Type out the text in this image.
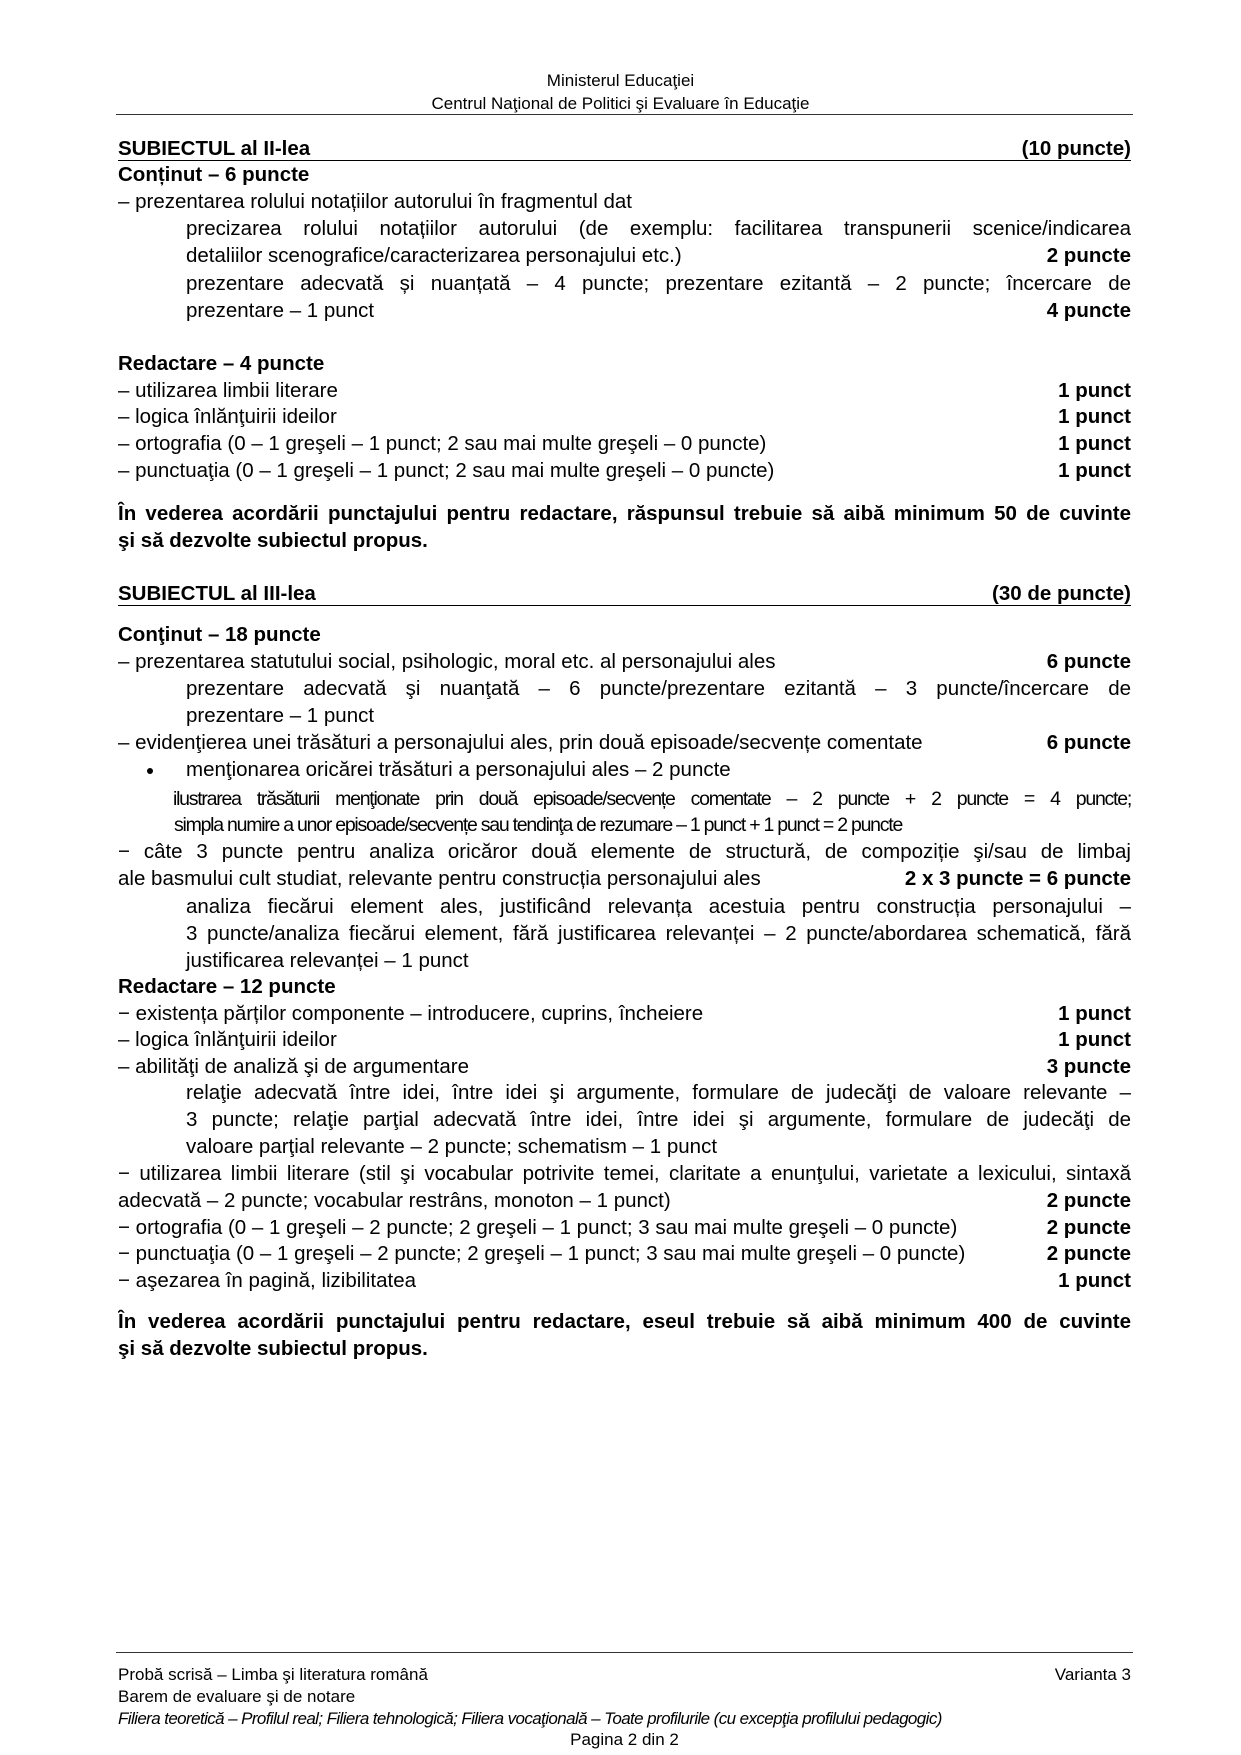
Ministerul Educaţiei
Centrul Naţional de Politici şi Evaluare în Educaţie
SUBIECTUL al II-lea	(10 puncte)
Conținut – 6 puncte
– prezentarea rolului notațiilor autorului în fragmentul dat
precizarea rolului notațiilor autorului (de exemplu: facilitarea transpunerii scenice/indicarea
detaliilor scenografice/caracterizarea personajului etc.)	2 puncte
prezentare adecvată și nuanțată – 4 puncte; prezentare ezitantă – 2 puncte; încercare de
prezentare – 1 punct	4 puncte
Redactare – 4 puncte
– utilizarea limbii literare	1 punct
– logica înlănţuirii ideilor	1 punct
– ortografia (0 – 1 greşeli – 1 punct; 2 sau mai multe greşeli – 0 puncte)	1 punct
– punctuaţia (0 – 1 greşeli – 1 punct; 2 sau mai multe greşeli – 0 puncte)	1 punct
În vederea acordării punctajului pentru redactare, răspunsul trebuie să aibă minimum 50 de cuvinte
şi să dezvolte subiectul propus.
SUBIECTUL al III-lea	(30 de puncte)
Conţinut – 18 puncte
– prezentarea statutului social, psihologic, moral etc. al personajului ales	6 puncte
prezentare adecvată şi nuanţată – 6 puncte/prezentare ezitantă – 3 puncte/încercare de
prezentare – 1 punct
– evidenţierea unei trăsături a personajului ales, prin două episoade/secvențe comentate	6 puncte
menţionarea oricărei trăsături a personajului ales – 2 puncte
ilustrarea trăsăturii menţionate prin două episoade/secvențe comentate – 2 puncte + 2 puncte = 4 puncte;
simpla numire a unor episoade/secvențe sau tendinţa de rezumare – 1 punct + 1 punct = 2 puncte
− câte 3 puncte pentru analiza oricăror două elemente de structură, de compoziție şi/sau de limbaj
ale basmului cult studiat, relevante pentru construcția personajului ales	2 x 3 puncte = 6 puncte
analiza fiecărui element ales, justificând relevanța acestuia pentru construcția personajului –
3 puncte/analiza fiecărui element, fără justificarea relevanței – 2 puncte/abordarea schematică, fără
justificarea relevanței – 1 punct
Redactare – 12 puncte
− existența părților componente – introducere, cuprins, încheiere	1 punct
– logica înlănţuirii ideilor	1 punct
– abilităţi de analiză şi de argumentare	3 puncte
relaţie adecvată între idei, între idei şi argumente, formulare de judecăţi de valoare relevante –
3 puncte; relaţie parţial adecvată între idei, între idei şi argumente, formulare de judecăţi de
valoare parţial relevante – 2 puncte; schematism – 1 punct
− utilizarea limbii literare (stil şi vocabular potrivite temei, claritate a enunţului, varietate a lexicului, sintaxă
adecvată – 2 puncte; vocabular restrâns, monoton – 1 punct)	2 puncte
− ortografia (0 – 1 greşeli – 2 puncte; 2 greşeli – 1 punct; 3 sau mai multe greşeli – 0 puncte)	2 puncte
− punctuaţia (0 – 1 greşeli – 2 puncte; 2 greşeli – 1 punct; 3 sau mai multe greşeli – 0 puncte)	2 puncte
− aşezarea în pagină, lizibilitatea	1 punct
În vederea acordării punctajului pentru redactare, eseul trebuie să aibă minimum 400 de cuvinte
şi să dezvolte subiectul propus.
Probă scrisă – Limba şi literatura română	Varianta 3
Barem de evaluare şi de notare
Filiera teoretică – Profilul real; Filiera tehnologică; Filiera vocaţională – Toate profilurile (cu excepţia profilului pedagogic)
Pagina 2 din 2
